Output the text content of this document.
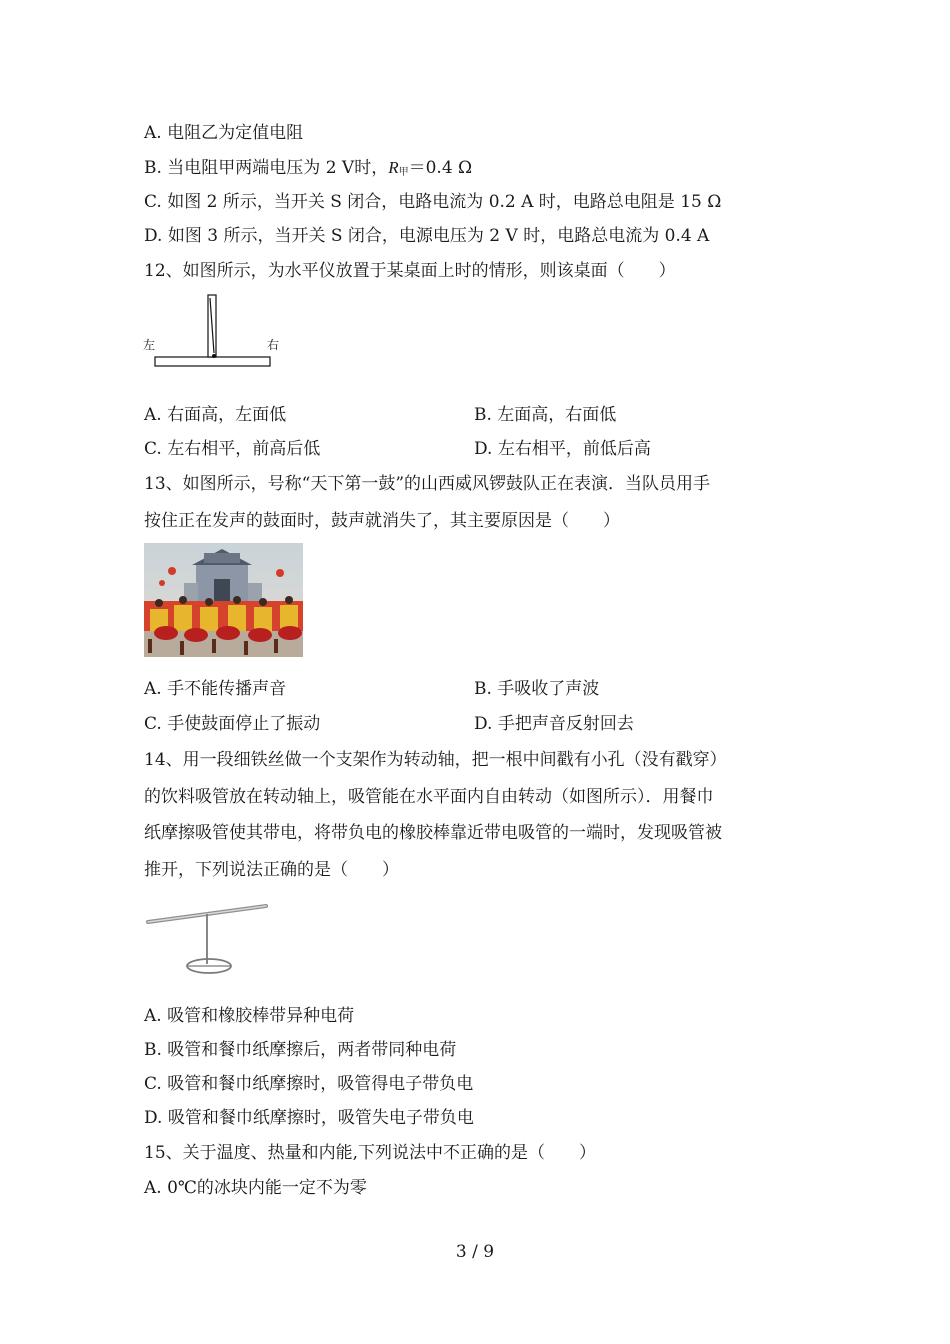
A. 电阻乙为定值电阻
B. 当电阻甲两端电压为 2 V时，$R_甲=0.4$ Ω
C. 如图 2 所示，当开关 S 闭合，电路电流为 0.2 A 时，电路总电阻是 15 Ω
D. 如图 3 所示，当开关 S 闭合，电源电压为 2 V 时，电路总电流为 0.4 A
12、如图所示，为水平仪放置于某桌面上时的情形，则该桌面（　　）
左	右
A. 右面高，左面低	B. 左面高，右面低
C. 左右相平，前高后低	D. 左右相平，前低后高
13、如图所示，号称“天下第一鼓”的山西威风锣鼓队正在表演．当队员用手
按住正在发声的鼓面时，鼓声就消失了，其主要原因是（　　）
A. 手不能传播声音	B. 手吸收了声波
C. 手使鼓面停止了振动	D. 手把声音反射回去
14、用一段细铁丝做一个支架作为转动轴，把一根中间戳有小孔（没有戳穿）
的饮料吸管放在转动轴上，吸管能在水平面内自由转动（如图所示）．用餐巾
纸摩擦吸管使其带电，将带负电的橡胶棒靠近带电吸管的一端时，发现吸管被
推开，下列说法正确的是（　　）
A. 吸管和橡胶棒带异种电荷
B. 吸管和餐巾纸摩擦后，两者带同种电荷
C. 吸管和餐巾纸摩擦时，吸管得电子带负电
D. 吸管和餐巾纸摩擦时，吸管失电子带负电
15、关于温度、热量和内能,下列说法中不正确的是（　　）
A. 0℃的冰块内能一定不为零
3 / 9
